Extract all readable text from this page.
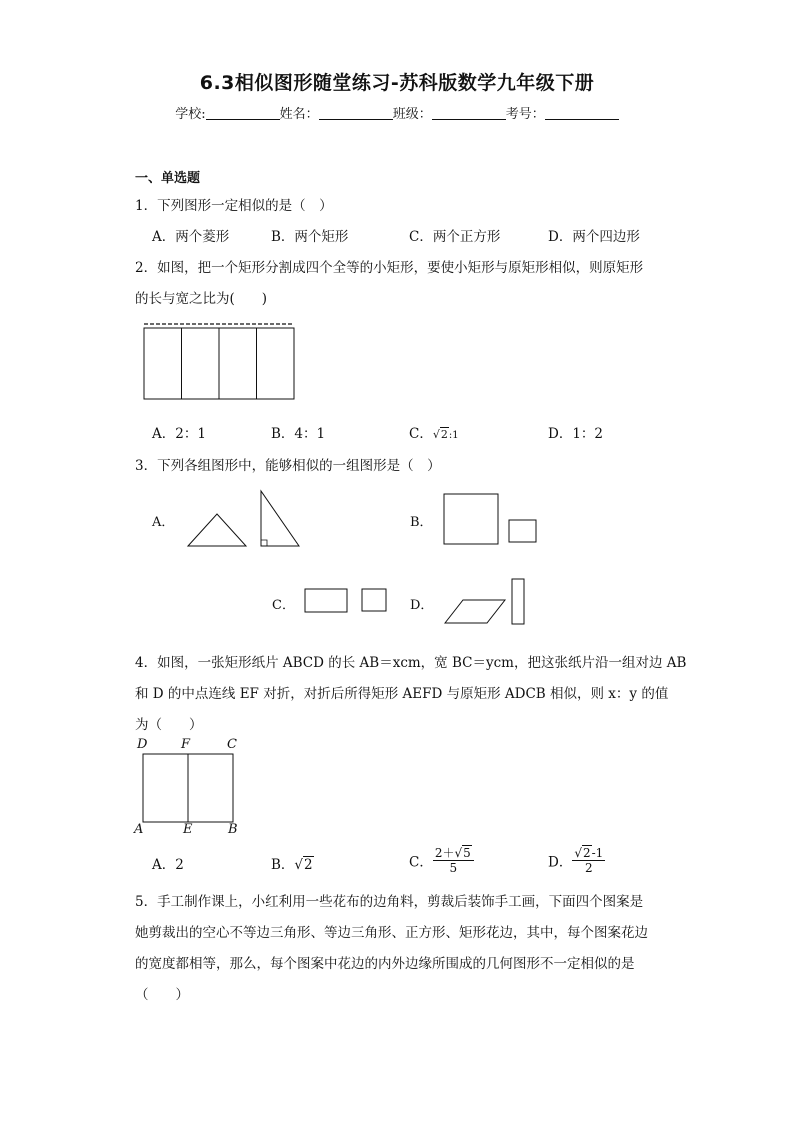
6.3相似图形随堂练习-苏科版数学九年级下册
学校:	姓名：	班级：	考号：
一、单选题
1．下列图形一定相似的是（　）
A．两个菱形	B．两个矩形	C．两个正方形	D．两个四边形
2．如图，把一个矩形分割成四个全等的小矩形，要使小矩形与原矩形相似，则原矩形
的长与宽之比为(　　)
A．2：1	B．4：1	C．√2:1	D．1：2
3．下列各组图形中，能够相似的一组图形是（　）
A．	B．
C．	D．
4．如图，一张矩形纸片 ABCD 的长 AB＝xcm，宽 BC＝ycm，把这张纸片沿一组对边 AB
和 D 的中点连线 EF 对折，对折后所得矩形 AEFD 与原矩形 ADCB 相似，则 x：y 的值
为（　　）
D	F	C
A	E	B
A．2	B．√2	C． $\frac{2+√5}{5}$	D． $\frac{√2-1}{2}$
5．手工制作课上，小红利用一些花布的边角料，剪裁后装饰手工画，下面四个图案是
她剪裁出的空心不等边三角形、等边三角形、正方形、矩形花边，其中，每个图案花边
的宽度都相等，那么，每个图案中花边的内外边缘所围成的几何图形不一定相似的是
（　　）
